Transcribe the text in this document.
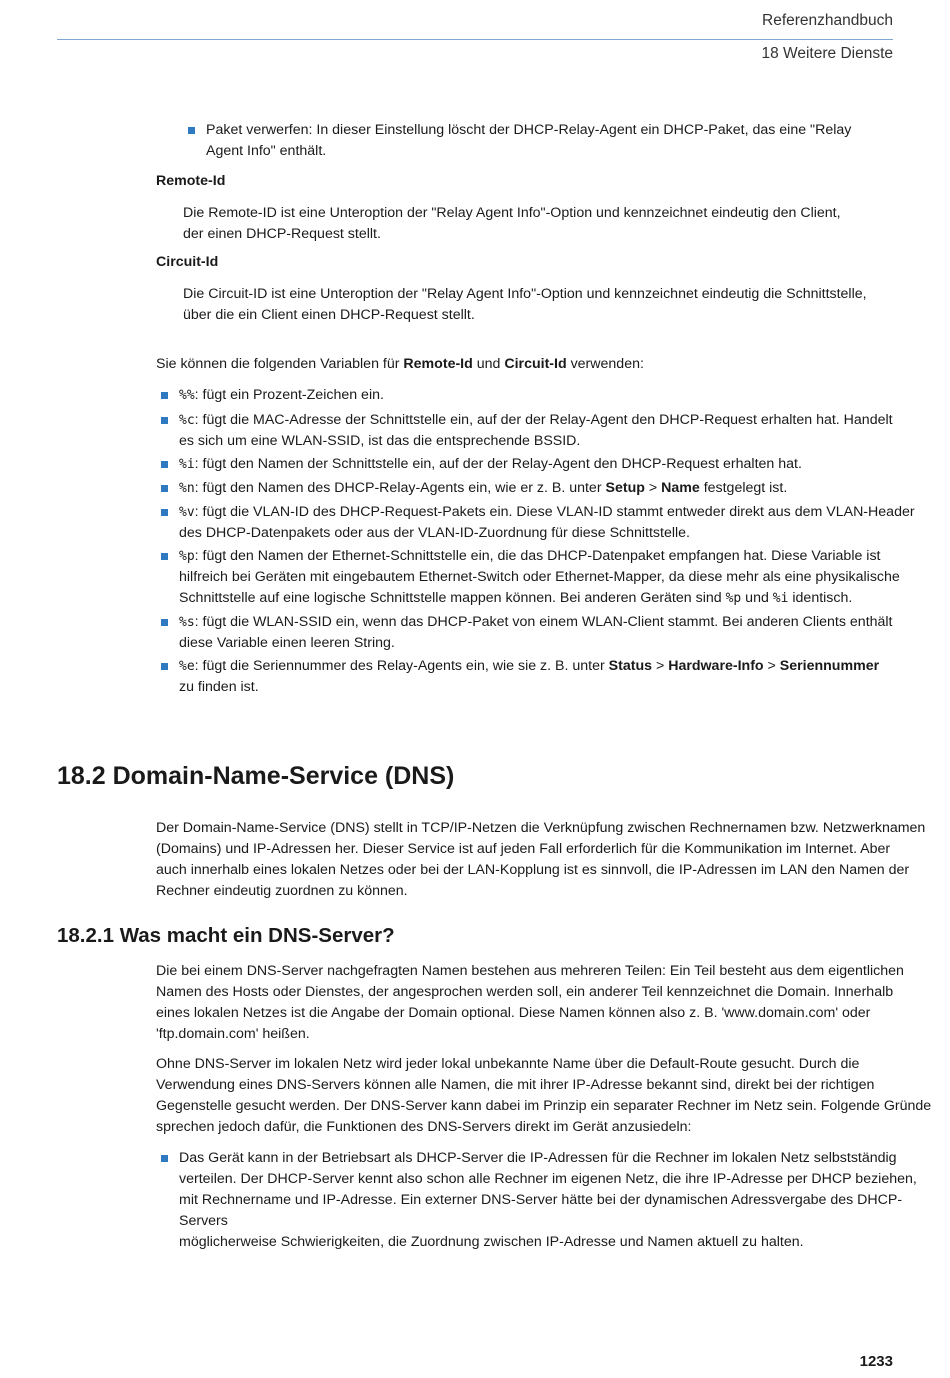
Referenzhandbuch
18 Weitere Dienste
Paket verwerfen: In dieser Einstellung löscht der DHCP-Relay-Agent ein DHCP-Paket, das eine "Relay
Agent Info" enthält.
Remote-Id
Die Remote-ID ist eine Unteroption der "Relay Agent Info"-Option und kennzeichnet eindeutig den Client,
der einen DHCP-Request stellt.
Circuit-Id
Die Circuit-ID ist eine Unteroption der "Relay Agent Info"-Option und kennzeichnet eindeutig die Schnittstelle,
über die ein Client einen DHCP-Request stellt.
Sie können die folgenden Variablen für Remote-Id und Circuit-Id verwenden:
%%: fügt ein Prozent-Zeichen ein.
%c: fügt die MAC-Adresse der Schnittstelle ein, auf der der Relay-Agent den DHCP-Request erhalten hat. Handelt
es sich um eine WLAN-SSID, ist das die entsprechende BSSID.
%i: fügt den Namen der Schnittstelle ein, auf der der Relay-Agent den DHCP-Request erhalten hat.
%n: fügt den Namen des DHCP-Relay-Agents ein, wie er z. B. unter Setup > Name festgelegt ist.
%v: fügt die VLAN-ID des DHCP-Request-Pakets ein. Diese VLAN-ID stammt entweder direkt aus dem VLAN-Header
des DHCP-Datenpakets oder aus der VLAN-ID-Zuordnung für diese Schnittstelle.
%p: fügt den Namen der Ethernet-Schnittstelle ein, die das DHCP-Datenpaket empfangen hat. Diese Variable ist
hilfreich bei Geräten mit eingebautem Ethernet-Switch oder Ethernet-Mapper, da diese mehr als eine physikalische
Schnittstelle auf eine logische Schnittstelle mappen können. Bei anderen Geräten sind %p und %i identisch.
%s: fügt die WLAN-SSID ein, wenn das DHCP-Paket von einem WLAN-Client stammt. Bei anderen Clients enthält
diese Variable einen leeren String.
%e: fügt die Seriennummer des Relay-Agents ein, wie sie z. B. unter Status > Hardware-Info > Seriennummer
zu finden ist.
18.2 Domain-Name-Service (DNS)
Der Domain-Name-Service (DNS) stellt in TCP/IP-Netzen die Verknüpfung zwischen Rechnernamen bzw. Netzwerknamen
(Domains) und IP-Adressen her. Dieser Service ist auf jeden Fall erforderlich für die Kommunikation im Internet. Aber
auch innerhalb eines lokalen Netzes oder bei der LAN-Kopplung ist es sinnvoll, die IP-Adressen im LAN den Namen der
Rechner eindeutig zuordnen zu können.
18.2.1 Was macht ein DNS-Server?
Die bei einem DNS-Server nachgefragten Namen bestehen aus mehreren Teilen: Ein Teil besteht aus dem eigentlichen
Namen des Hosts oder Dienstes, der angesprochen werden soll, ein anderer Teil kennzeichnet die Domain. Innerhalb
eines lokalen Netzes ist die Angabe der Domain optional. Diese Namen können also z. B. 'www.domain.com' oder
'ftp.domain.com' heißen.
Ohne DNS-Server im lokalen Netz wird jeder lokal unbekannte Name über die Default-Route gesucht. Durch die
Verwendung eines DNS-Servers können alle Namen, die mit ihrer IP-Adresse bekannt sind, direkt bei der richtigen
Gegenstelle gesucht werden. Der DNS-Server kann dabei im Prinzip ein separater Rechner im Netz sein. Folgende Gründe
sprechen jedoch dafür, die Funktionen des DNS-Servers direkt im Gerät anzusiedeln:
Das Gerät kann in der Betriebsart als DHCP-Server die IP-Adressen für die Rechner im lokalen Netz selbstständig
verteilen. Der DHCP-Server kennt also schon alle Rechner im eigenen Netz, die ihre IP-Adresse per DHCP beziehen,
mit Rechnername und IP-Adresse. Ein externer DNS-Server hätte bei der dynamischen Adressvergabe des DHCP-Servers
möglicherweise Schwierigkeiten, die Zuordnung zwischen IP-Adresse und Namen aktuell zu halten.
1233
